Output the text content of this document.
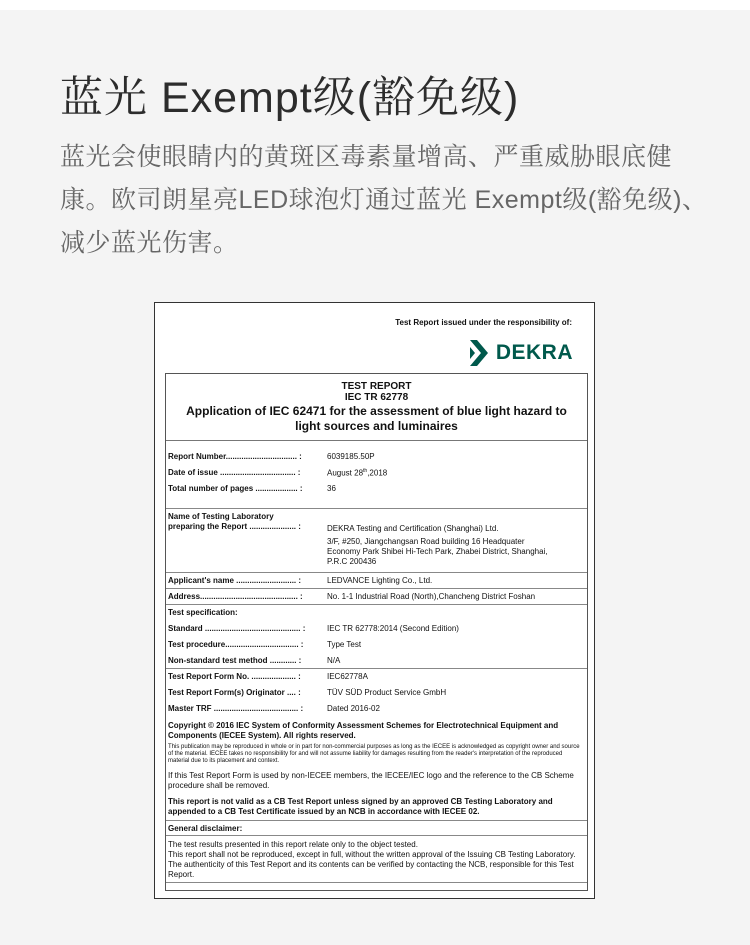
蓝光 Exempt级(豁免级)
蓝光会使眼睛内的黄斑区毒素量增高、严重威胁眼底健康。欧司朗星亮LED球泡灯通过蓝光 Exempt级(豁免级)、减少蓝光伤害。
Test Report issued under the responsibility of:
DEKRA
TEST REPORT
IEC TR 62778
Application of IEC 62471 for the assessment of blue light hazard to light sources and luminaires
Report Number................................ :	6039185.50P
Date of issue .................................. :	August 28th,2018
Total number of pages ................... :	36
Name of Testing Laboratory
preparing the Report ..................... :	DEKRA Testing and Certification (Shanghai) Ltd.
3/F, #250, Jiangchangsan Road building 16 Headquater
Economy Park Shibei Hi-Tech Park, Zhabei District, Shanghai,
P.R.C 200436
Applicant's name ........................... :	LEDVANCE Lighting Co., Ltd.
Address............................................ :	No. 1-1 Industrial Road (North),Chancheng District Foshan
Test specification:
Standard ........................................... :	IEC TR 62778:2014 (Second Edition)
Test procedure................................. :	Type Test
Non-standard test method ............ :	N/A
Test Report Form No. .................... :	IEC62778A
Test Report Form(s) Originator .... :	TÜV SÜD Product Service GmbH
Master TRF ...................................... :	Dated 2016-02
Copyright © 2016 IEC System of Conformity Assessment Schemes for Electrotechnical Equipment and Components (IECEE System). All rights reserved.
This publication may be reproduced in whole or in part for non-commercial purposes as long as the IECEE is acknowledged as copyright owner and source of the material. IECEE takes no responsibility for and will not assume liability for damages resulting from the reader's interpretation of the reproduced material due to its placement and context.
If this Test Report Form is used by non-IECEE members, the IECEE/IEC logo and the reference to the CB Scheme procedure shall be removed.
This report is not valid as a CB Test Report unless signed by an approved CB Testing Laboratory and appended to a CB Test Certificate issued by an NCB in accordance with IECEE 02.
General disclaimer:
The test results presented in this report relate only to the object tested.
This report shall not be reproduced, except in full, without the written approval of the Issuing CB Testing Laboratory. The authenticity of this Test Report and its contents can be verified by contacting the NCB, responsible for this Test Report.
